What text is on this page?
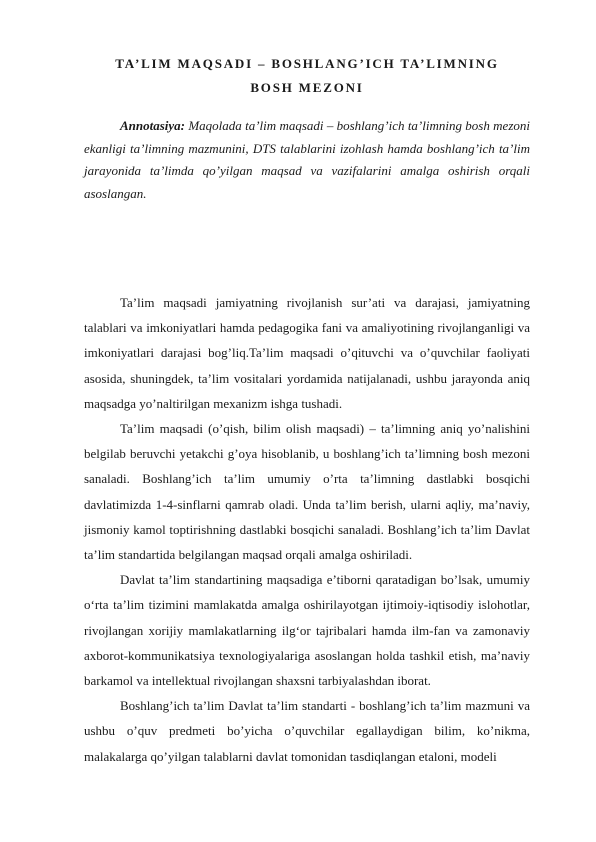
TA’LIM MAQSADI – BOSHLANG’ICH TA’LIMNING
BOSH MEZONI

Annotasiya: Maqolada ta’lim maqsadi – boshlang’ich ta’limning bosh mezoni ekanligi ta’limning mazmunini, DTS talablarini izohlash hamda boshlang’ich ta’lim jarayonida ta’limda qo’yilgan maqsad va vazifalarini amalga oshirish orqali asoslangan.

Ta’lim maqsadi jamiyatning rivojlanish sur’ati va darajasi, jamiyatning talablari va imkoniyatlari hamda pedagogika fani va amaliyotining rivojlanganligi va imkoniyatlari darajasi bog’liq.Ta’lim maqsadi o’qituvchi va o’quvchilar faoliyati asosida, shuningdek, ta’lim vositalari yordamida natijalanadi, ushbu jarayonda aniq maqsadga yo’naltirilgan mexanizm ishga tushadi.

Ta’lim maqsadi (o’qish, bilim olish maqsadi) – ta’limning aniq yo’nalishini belgilab beruvchi yetakchi g’oya hisoblanib, u boshlang’ich ta’limning bosh mezoni sanaladi. Boshlang’ich ta’lim umumiy o’rta ta’limning dastlabki bosqichi davlatimizda 1-4-sinflarni qamrab oladi. Unda ta’lim berish, ularni aqliy, ma’naviy, jismoniy kamol toptirishning dastlabki bosqichi sanaladi. Boshlang’ich ta’lim Davlat ta’lim standartida belgilangan maqsad orqali amalga oshiriladi.

Davlat ta’lim standartining maqsadiga e’tiborni qaratadigan bo’lsak, umumiy o‘rta ta’lim tizimini mamlakatda amalga oshirilayotgan ijtimoiy-iqtisodiy islohotlar, rivojlangan xorijiy mamlakatlarning ilg‘or tajribalari hamda ilm-fan va zamonaviy axborot-kommunikatsiya texnologiyalariga asoslangan holda tashkil etish, ma’naviy barkamol va intellektual rivojlangan shaxsni tarbiyalashdan iborat.

Boshlang’ich ta’lim Davlat ta’lim standarti - boshlang’ich ta’lim mazmuni va ushbu o’quv predmeti bo’yicha o’quvchilar egallaydigan bilim, ko’nikma, malakalarga qo’yilgan talablarni davlat tomonidan tasdiqlangan etaloni, modeli
